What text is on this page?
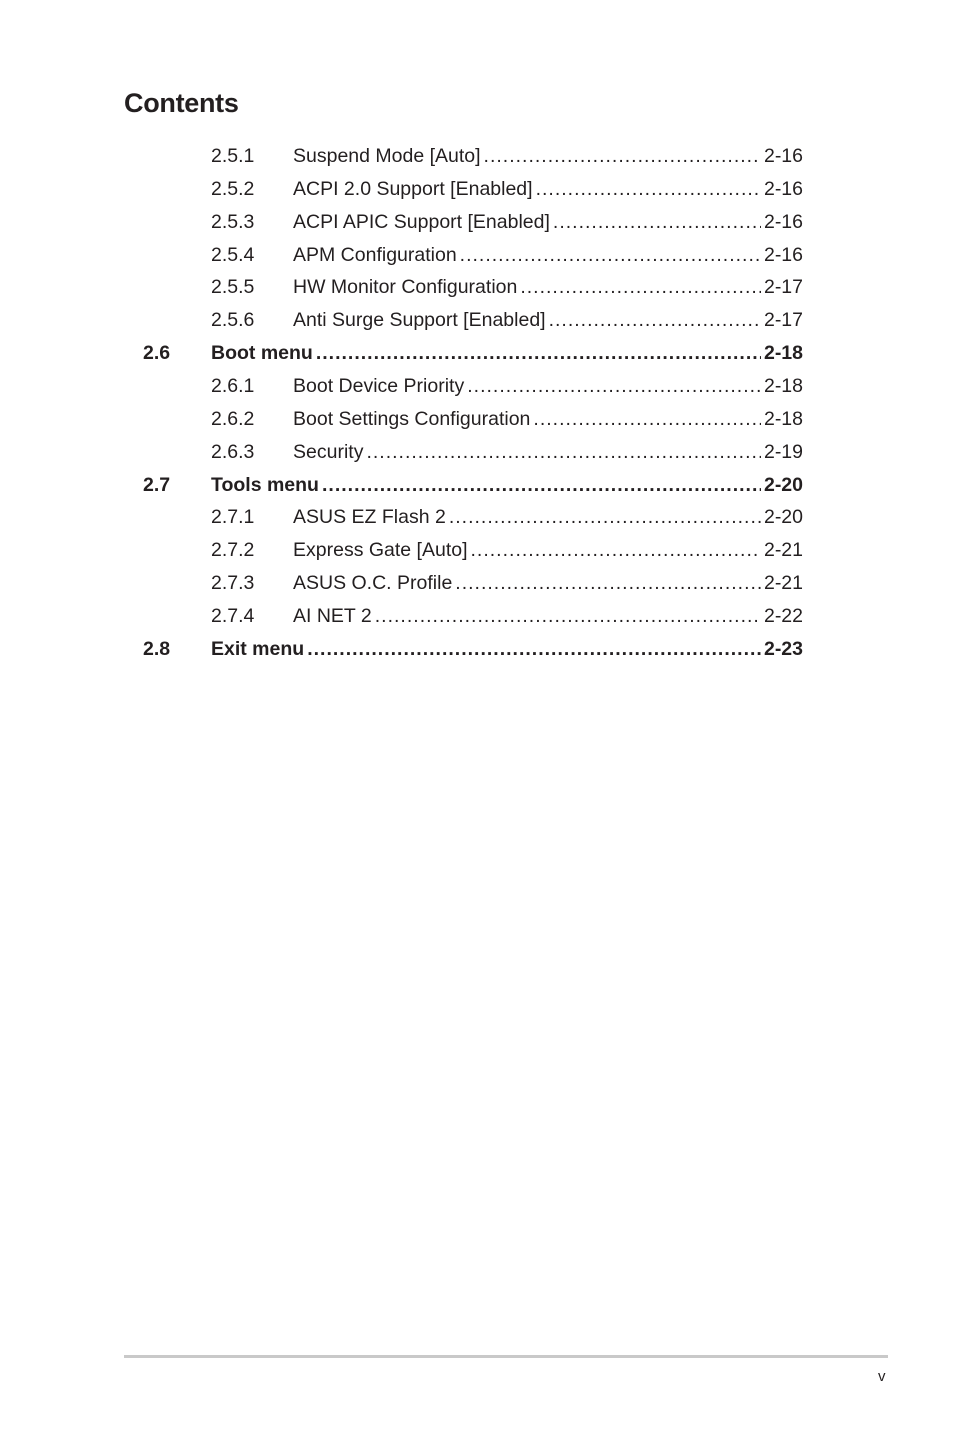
Contents
2.5.1 Suspend Mode [Auto] .....	2-16
2.5.2 ACPI 2.0 Support [Enabled] .....	2-16
2.5.3 ACPI APIC Support [Enabled] .....	2-16
2.5.4 APM Configuration .....	2-16
2.5.5 HW Monitor Configuration .....	2-17
2.5.6 Anti Surge Support [Enabled] .....	2-17
2.6 Boot menu .....	2-18
2.6.1 Boot Device Priority .....	2-18
2.6.2 Boot Settings Configuration .....	2-18
2.6.3 Security .....	2-19
2.7 Tools menu .....	2-20
2.7.1 ASUS EZ Flash 2 .....	2-20
2.7.2 Express Gate [Auto] .....	2-21
2.7.3 ASUS O.C. Profile .....	2-21
2.7.4 AI NET 2 .....	2-22
2.8 Exit menu .....	2-23
v
